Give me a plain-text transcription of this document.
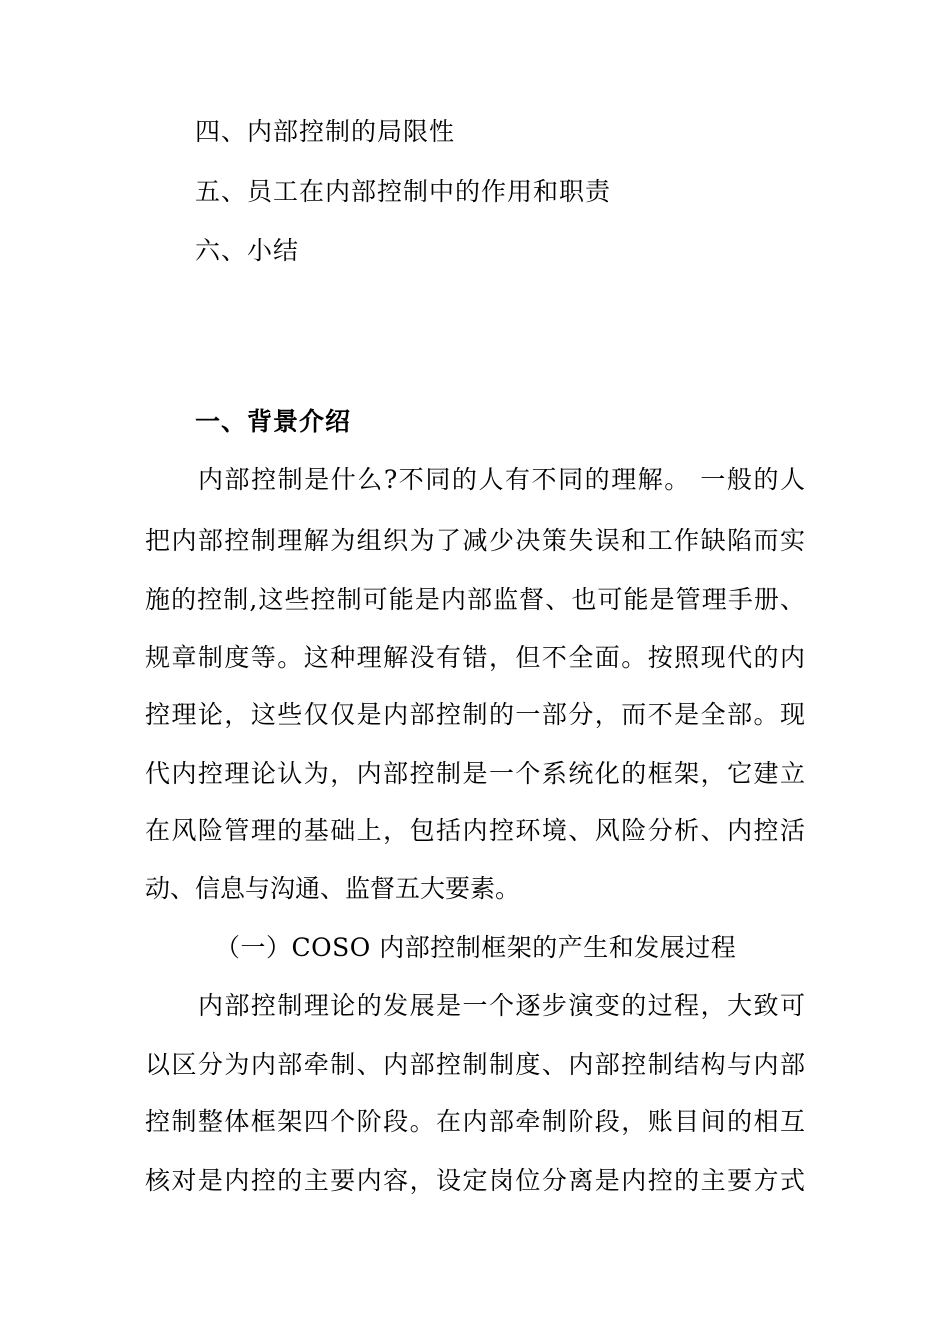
四、内部控制的局限性
五、员工在内部控制中的作用和职责
六、小结
一、背景介绍
内部控制是什么?不同的人有不同的理解。 一般的人
把内部控制理解为组织为了减少决策失误和工作缺陷而实
施的控制,这些控制可能是内部监督、也可能是管理手册、
规章制度等。这种理解没有错，但不全面。按照现代的内
控理论，这些仅仅是内部控制的一部分，而不是全部。现
代内控理论认为，内部控制是一个系统化的框架，它建立
在风险管理的基础上，包括内控环境、风险分析、内控活
动、信息与沟通、监督五大要素。
（一）COSO 内部控制框架的产生和发展过程
内部控制理论的发展是一个逐步演变的过程，大致可
以区分为内部牵制、内部控制制度、内部控制结构与内部
控制整体框架四个阶段。在内部牵制阶段，账目间的相互
核对是内控的主要内容，设定岗位分离是内控的主要方式
